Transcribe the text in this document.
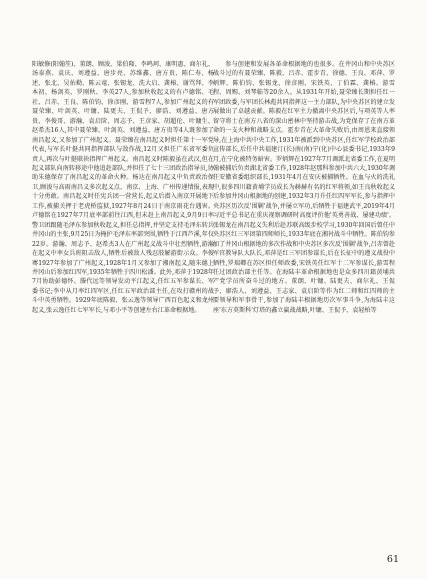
阳敏修(阳翰笙)、董朗、顾浚、梁伯隆、李鸣珂、康明惠、商尔礼、汤泰燕、袁庆、刘遵益、唐步亮、苏维鑫、唐方贵、陈仁寿、杨述、张北、吴佑勤、陈云竜、张锡龙、洗大启、龚椿、谢骂拜、李本初、杨剑英、罗刚秋、李英27人,参加秋收起义的有卢德铭、毛社、吕赤、王良、陈伯钧、徐彦刚、游雪程7人,参加广州起义的有聂荣臻、叶剑英、叶镛、陆更夫、王侃予、廖浩、刘遵益、唐方贵、李俊哥、游瀚、袁启阶、周志予、王彦家、胡超伦、叶镛生、赵希杰16人,其中聂荣臻、叶剑英、刘遵益、唐方贵等4人既参加了南昌起义,又参加了广州起义。聂荣臻在南昌起义时担任第十一军党代表,与军长叶挺共同指挥部队与敌作战,12月又担任广东省军委负责人,再次与叶挺联袂指挥广州起义。南昌起义时陈毅虽在武汉,但在起义部队向南转移途中他追赶部队,并担任了七十三团政治指导员,协助朱德保存了南昌起义的革命火种。杨达在南昌起义中负责政治保卫,顾浚与高雨南昌义多次起义点、南京、上海、广州传递情报,表现十分勇敢。南昌起义时任宪兵团一营营长,起义后潜入南京开展地下工作,被捕关押于老虎桥监狱,1927年8月24日于南京雨花台遇害。卢德铭在1927年7月底率部前往江西,但未赶上南昌起义,9月9日率警卫团跟随毛泽东参加秋收起义,担任总指挥,并坚定支持毛泽东转兵井冈山的主张,9月25日为掩护毛泽东率部突围,牺牲于江西芦溪,年仅22岁。游瀚、周志予、赵希杰3人在广州起义战斗中壮烈牺牲,游瀚在起义中率女兵班阻击敌人,牺牲后被敌人残忍肢解游街示众。李俊骞1927年参加了广州起义,1928年1月又参加了湘南起义,随朱德上井冈山后参加红四军,1935年牺牲于四川松潘。此外,邓萍于1928年7月协助彭德怀、滕代远等领导发动平江起义,任红五军参谋长、军委书记;李中从月率红四军区,任红五军政治部主任,在攻打赣州的战斗中英勇牺牲。1929年底陈毅、张云逸等领导广西百色起义和龙州起义,张云逸任红七军军长,与邓小平等创建左右江革命根据地。

参与创建和发展各革命根据地的也很多。在井冈山和中央苏区战斗过的有聂荣臻、陈毅、吕赤、霍步青、徐德、王良、邓萍、罗炳辉、陈伯钧、张锡龙、徐彦刚、宋铁英、丁伯霖、龚椿、游雪程、周赐、刘琴临等20余人。从1931年开始,聂荣臻长期担任红一军团政委,与军团长林彪共同指挥这一主力部队,为中央苏区的建立发展做出了卓越贡献。陈毅在红军主力撤离中央苏区后,与项英等人率留守将士在南方八省的深山密林中坚持游击战,为党保存了在南方革命的一支火种和战略支点。霍步青在大革命失败后,由周恩来直接领导,在上海中共中央工作,1931年被派到中央苏区,任红军学校政治部宣传部长,后任中共福建汀(长)南(南)宁(化)中心县委书记,1933年9月,在宁化被特务暗害。罗炳辉在1927年7月调派北省委工作,在夏明翰被捕后负责湖北省委工作,1928年赵那科参加中共六大,1930年调任安徽省委组织部长,1931年4月在安庆被捕牺牲。在血与火的洗礼中,很多四川籍黄埔学员成长为赫赫有名的红军将领,如王良秋收起义后参加井冈山根据地的创建,1932年3月升任红四军军长,参与指挥中央苏区历次反'围剿'战争,并屡立军功,后牺牲于福建武平,2019年4月习近平总书记在重庆视察调研时高度评价他'英勇善战、屡建功绩'。张锡龙在南昌起义失利后赴苏联高级步校学习,1930年回国后曾任中央苏区红三军团第四师师长,1933年底在湘衬战斗中牺牲。陈伯钧参加了井冈山根据地的多次作战和中央苏区多次反'围剿'战争,吕赤曾赴军官教导队大队长,邓萍是红三军团参谋长,后在长征中的遵义战役中牺牲,罗瑞卿在苏区担任师政委,宋铁英任红军十二军参谋长,游雪程任过团政治部主任等。在海陆丰革命根据地也是众多四川籍黄埔共产党学员所奋斗过的地方。董朗、叶镛、陆更夫、商尔礼、王侃予、廖浩人、刘遵益、王志家、袁启阶等作为红二师和红四师的主要领导和军事骨干,参加了海陆丰根据地历次军事斗争,为海陆丰这座'东方莫斯科'灯塔的鑫立赢战战略,叶镛、王侃予、袁轻柏等

61
